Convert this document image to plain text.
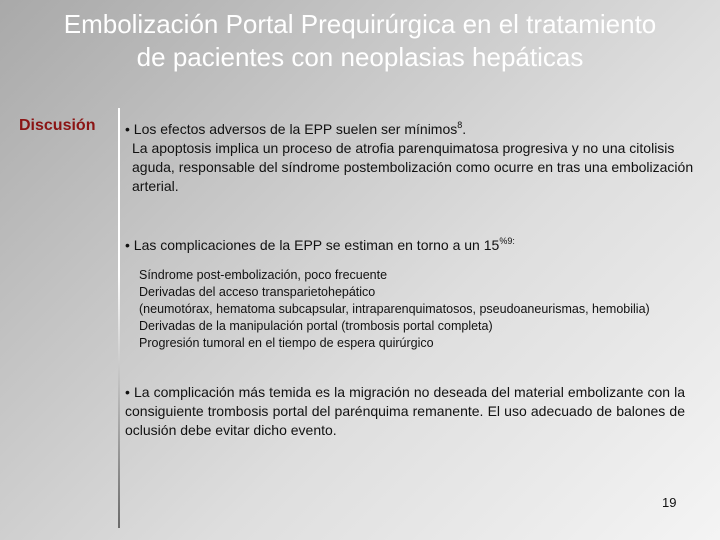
Embolización Portal Prequirúrgica en el tratamiento
de pacientes con neoplasias hepáticas
Discusión • Los efectos adversos de la EPP suelen ser mínimos$^8$.
La apoptosis implica un proceso de atrofia parenquimatosa progresiva y no una citolisis aguda, responsable del síndrome postembolización como ocurre en tras una embolización arterial.
• Las complicaciones de la EPP se estiman en torno a un $15^{\%9:}$
Síndrome post-embolización, poco frecuente
Derivadas del acceso transparietohepático
(neumotórax, hematoma subcapsular, intraparenquimatosos, pseudoaneurismas, hemobilia)
Derivadas de la manipulación portal (trombosis portal completa)
Progresión tumoral en el tiempo de espera quirúrgico
• La complicación más temida es la migración no deseada del material embolizante con la consiguiente trombosis portal del parénquima remanente. El uso adecuado de balones de oclusión debe evitar dicho evento.
19
